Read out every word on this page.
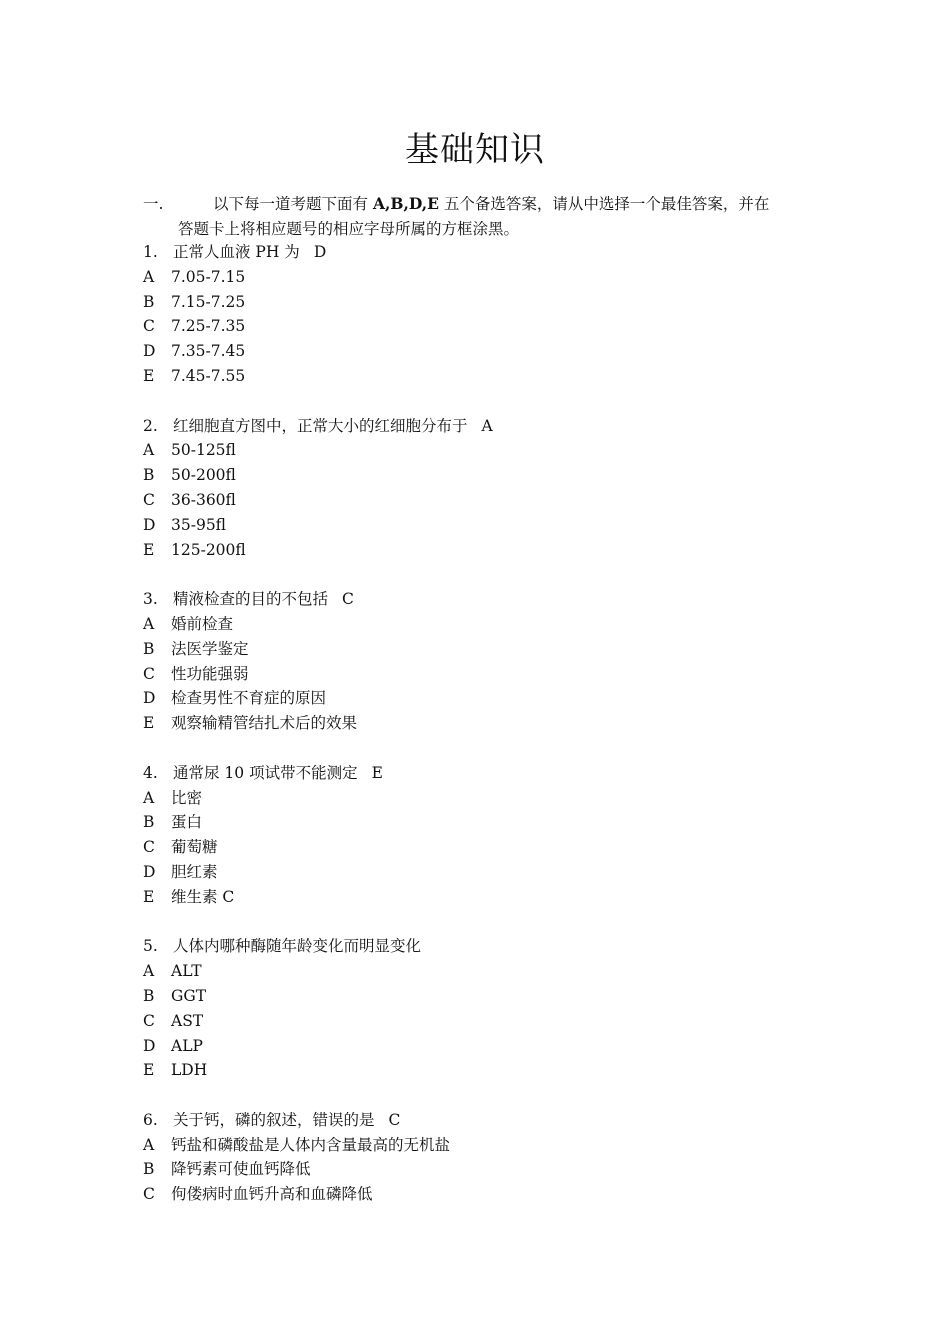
基础知识
一.	以下每一道考题下面有 A,B,D,E 五个备选答案，请从中选择一个最佳答案，并在
答题卡上将相应题号的相应字母所属的方框涂黑。
1. 正常人血液 PH 为 D
A 7.05-7.15
B 7.15-7.25
C 7.25-7.35
D 7.35-7.45
E 7.45-7.55
2. 红细胞直方图中，正常大小的红细胞分布于 A
A 50-125fl
B 50-200fl
C 36-360fl
D 35-95fl
E 125-200fl
3. 精液检查的目的不包括 C
A 婚前检查
B 法医学鉴定
C 性功能强弱
D 检查男性不育症的原因
E 观察输精管结扎术后的效果
4. 通常尿 10 项试带不能测定 E
A 比密
B 蛋白
C 葡萄糖
D 胆红素
E 维生素 C
5. 人体内哪种酶随年龄变化而明显变化
A ALT
B GGT
C AST
D ALP
E LDH
6. 关于钙，磷的叙述，错误的是 C
A 钙盐和磷酸盐是人体内含量最高的无机盐
B 降钙素可使血钙降低
C 佝偻病时血钙升高和血磷降低
